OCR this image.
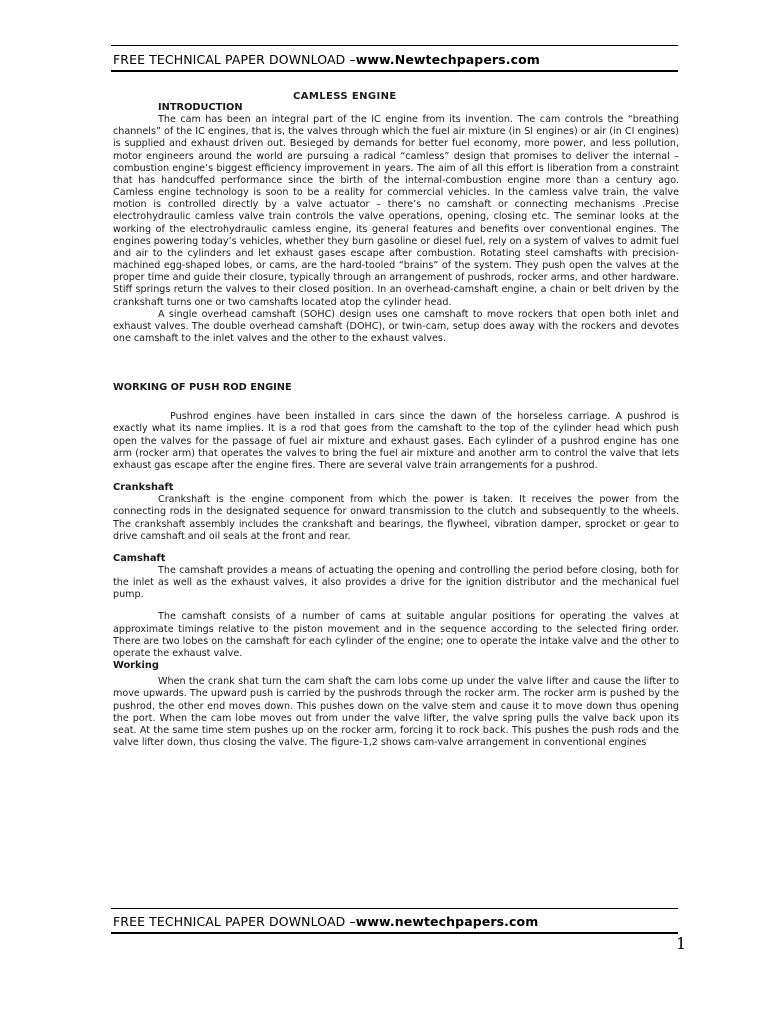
FREE TECHNICAL PAPER DOWNLOAD –www.Newtechpapers.com
CAMLESS ENGINE

INTRODUCTION

The cam has been an integral part of the IC engine from its invention. The cam controls the “breathing channels” of the IC engines, that is, the valves through which the fuel air mixture (in SI engines) or air (in CI engines) is supplied and exhaust driven out. Besieged by demands for better fuel economy, more power, and less pollution, motor engineers around the world are pursuing a radical “camless” design that promises to deliver the internal – combustion engine’s biggest efficiency improvement in years. The aim of all this effort is liberation from a constraint that has handcuffed performance since the birth of the internal-combustion engine more than a century ago. Camless engine technology is soon to be a reality for commercial vehicles. In the camless valve train, the valve motion is controlled directly by a valve actuator – there’s no camshaft or connecting mechanisms .Precise electrohydraulic camless valve train controls the valve operations, opening, closing etc. The seminar looks at the working of the electrohydraulic camless engine, its general features and benefits over conventional engines. The engines powering today’s vehicles, whether they burn gasoline or diesel fuel, rely on a system of valves to admit fuel and air to the cylinders and let exhaust gases escape after combustion. Rotating steel camshafts with precision-machined egg-shaped lobes, or cams, are the hard-tooled “brains” of the system. They push open the valves at the proper time and guide their closure, typically through an arrangement of pushrods, rocker arms, and other hardware. Stiff springs return the valves to their closed position. In an overhead-camshaft engine, a chain or belt driven by the crankshaft turns one or two camshafts located atop the cylinder head.

A single overhead camshaft (SOHC) design uses one camshaft to move rockers that open both inlet and exhaust valves. The double overhead camshaft (DOHC), or twin-cam, setup does away with the rockers and devotes one camshaft to the inlet valves and the other to the exhaust valves.

WORKING OF PUSH ROD ENGINE

Pushrod engines have been installed in cars since the dawn of the horseless carriage. A pushrod is exactly what its name implies. It is a rod that goes from the camshaft to the top of the cylinder head which push open the valves for the passage of fuel air mixture and exhaust gases. Each cylinder of a pushrod engine has one arm (rocker arm) that operates the valves to bring the fuel air mixture and another arm to control the valve that lets exhaust gas escape after the engine fires. There are several valve train arrangements for a pushrod.

Crankshaft

Crankshaft is the engine component from which the power is taken. It receives the power from the connecting rods in the designated sequence for onward transmission to the clutch and subsequently to the wheels. The crankshaft assembly includes the crankshaft and bearings, the flywheel, vibration damper, sprocket or gear to drive camshaft and oil seals at the front and rear.

Camshaft

The camshaft provides a means of actuating the opening and controlling the period before closing, both for the inlet as well as the exhaust valves, it also provides a drive for the ignition distributor and the mechanical fuel pump.

The camshaft consists of a number of cams at suitable angular positions for operating the valves at approximate timings relative to the piston movement and in the sequence according to the selected firing order. There are two lobes on the camshaft for each cylinder of the engine; one to operate the intake valve and the other to operate the exhaust valve.

Working

When the crank shat turn the cam shaft the cam lobs come up under the valve lifter and cause the lifter to move upwards. The upward push is carried by the pushrods through the rocker arm. The rocker arm is pushed by the pushrod, the other end moves down. This pushes down on the valve stem and cause it to move down thus opening the port. When the cam lobe moves out from under the valve lifter, the valve spring pulls the valve back upon its seat. At the same time stem pushes up on the rocker arm, forcing it to rock back. This pushes the push rods and the valve lifter down, thus closing the valve. The figure-1,2 shows cam-valve arrangement in conventional engines

FREE TECHNICAL PAPER DOWNLOAD –www.newtechpapers.com
1
